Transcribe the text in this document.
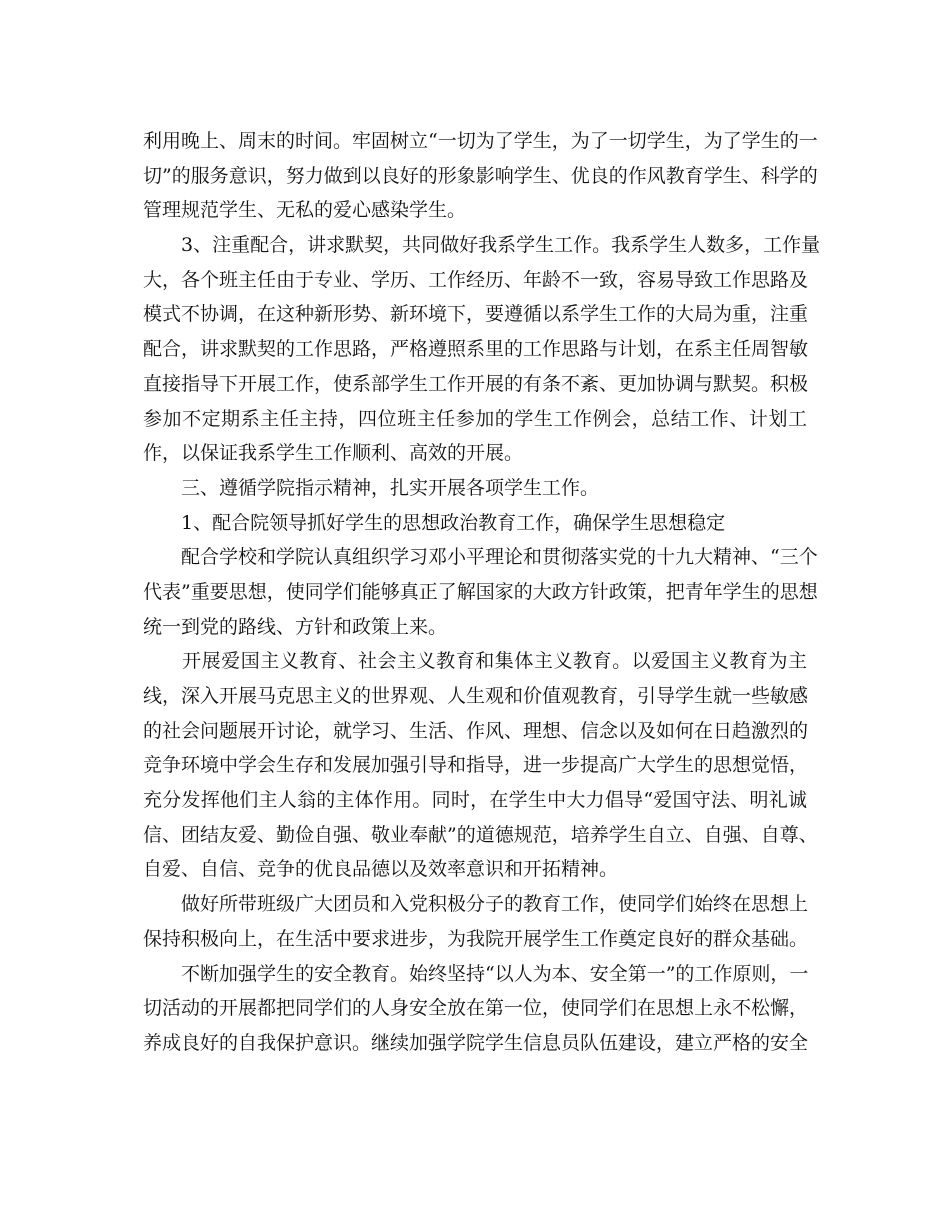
利用晚上、周末的时间。牢固树立“一切为了学生，为了一切学生，为了学生的一
切”的服务意识，努力做到以良好的形象影响学生、优良的作风教育学生、科学的
管理规范学生、无私的爱心感染学生。
　　3、注重配合，讲求默契，共同做好我系学生工作。我系学生人数多，工作量
大，各个班主任由于专业、学历、工作经历、年龄不一致，容易导致工作思路及
模式不协调，在这种新形势、新环境下，要遵循以系学生工作的大局为重，注重
配合，讲求默契的工作思路，严格遵照系里的工作思路与计划，在系主任周智敏
直接指导下开展工作，使系部学生工作开展的有条不紊、更加协调与默契。积极
参加不定期系主任主持，四位班主任参加的学生工作例会，总结工作、计划工
作，以保证我系学生工作顺利、高效的开展。
　　三、遵循学院指示精神，扎实开展各项学生工作。
　　1、配合院领导抓好学生的思想政治教育工作，确保学生思想稳定
　　配合学校和学院认真组织学习邓小平理论和贯彻落实党的十九大精神、“三个
代表”重要思想，使同学们能够真正了解国家的大政方针政策，把青年学生的思想
统一到党的路线、方针和政策上来。
　　开展爱国主义教育、社会主义教育和集体主义教育。以爱国主义教育为主
线，深入开展马克思主义的世界观、人生观和价值观教育，引导学生就一些敏感
的社会问题展开讨论，就学习、生活、作风、理想、信念以及如何在日趋激烈的
竞争环境中学会生存和发展加强引导和指导，进一步提高广大学生的思想觉悟，
充分发挥他们主人翁的主体作用。同时，在学生中大力倡导“爱国守法、明礼诚
信、团结友爱、勤俭自强、敬业奉献”的道德规范，培养学生自立、自强、自尊、
自爱、自信、竞争的优良品德以及效率意识和开拓精神。
　　做好所带班级广大团员和入党积极分子的教育工作，使同学们始终在思想上
保持积极向上，在生活中要求进步，为我院开展学生工作奠定良好的群众基础。
　　不断加强学生的安全教育。始终坚持“以人为本、安全第一”的工作原则，一
切活动的开展都把同学们的人身安全放在第一位，使同学们在思想上永不松懈，
养成良好的自我保护意识。继续加强学院学生信息员队伍建设，建立严格的安全
